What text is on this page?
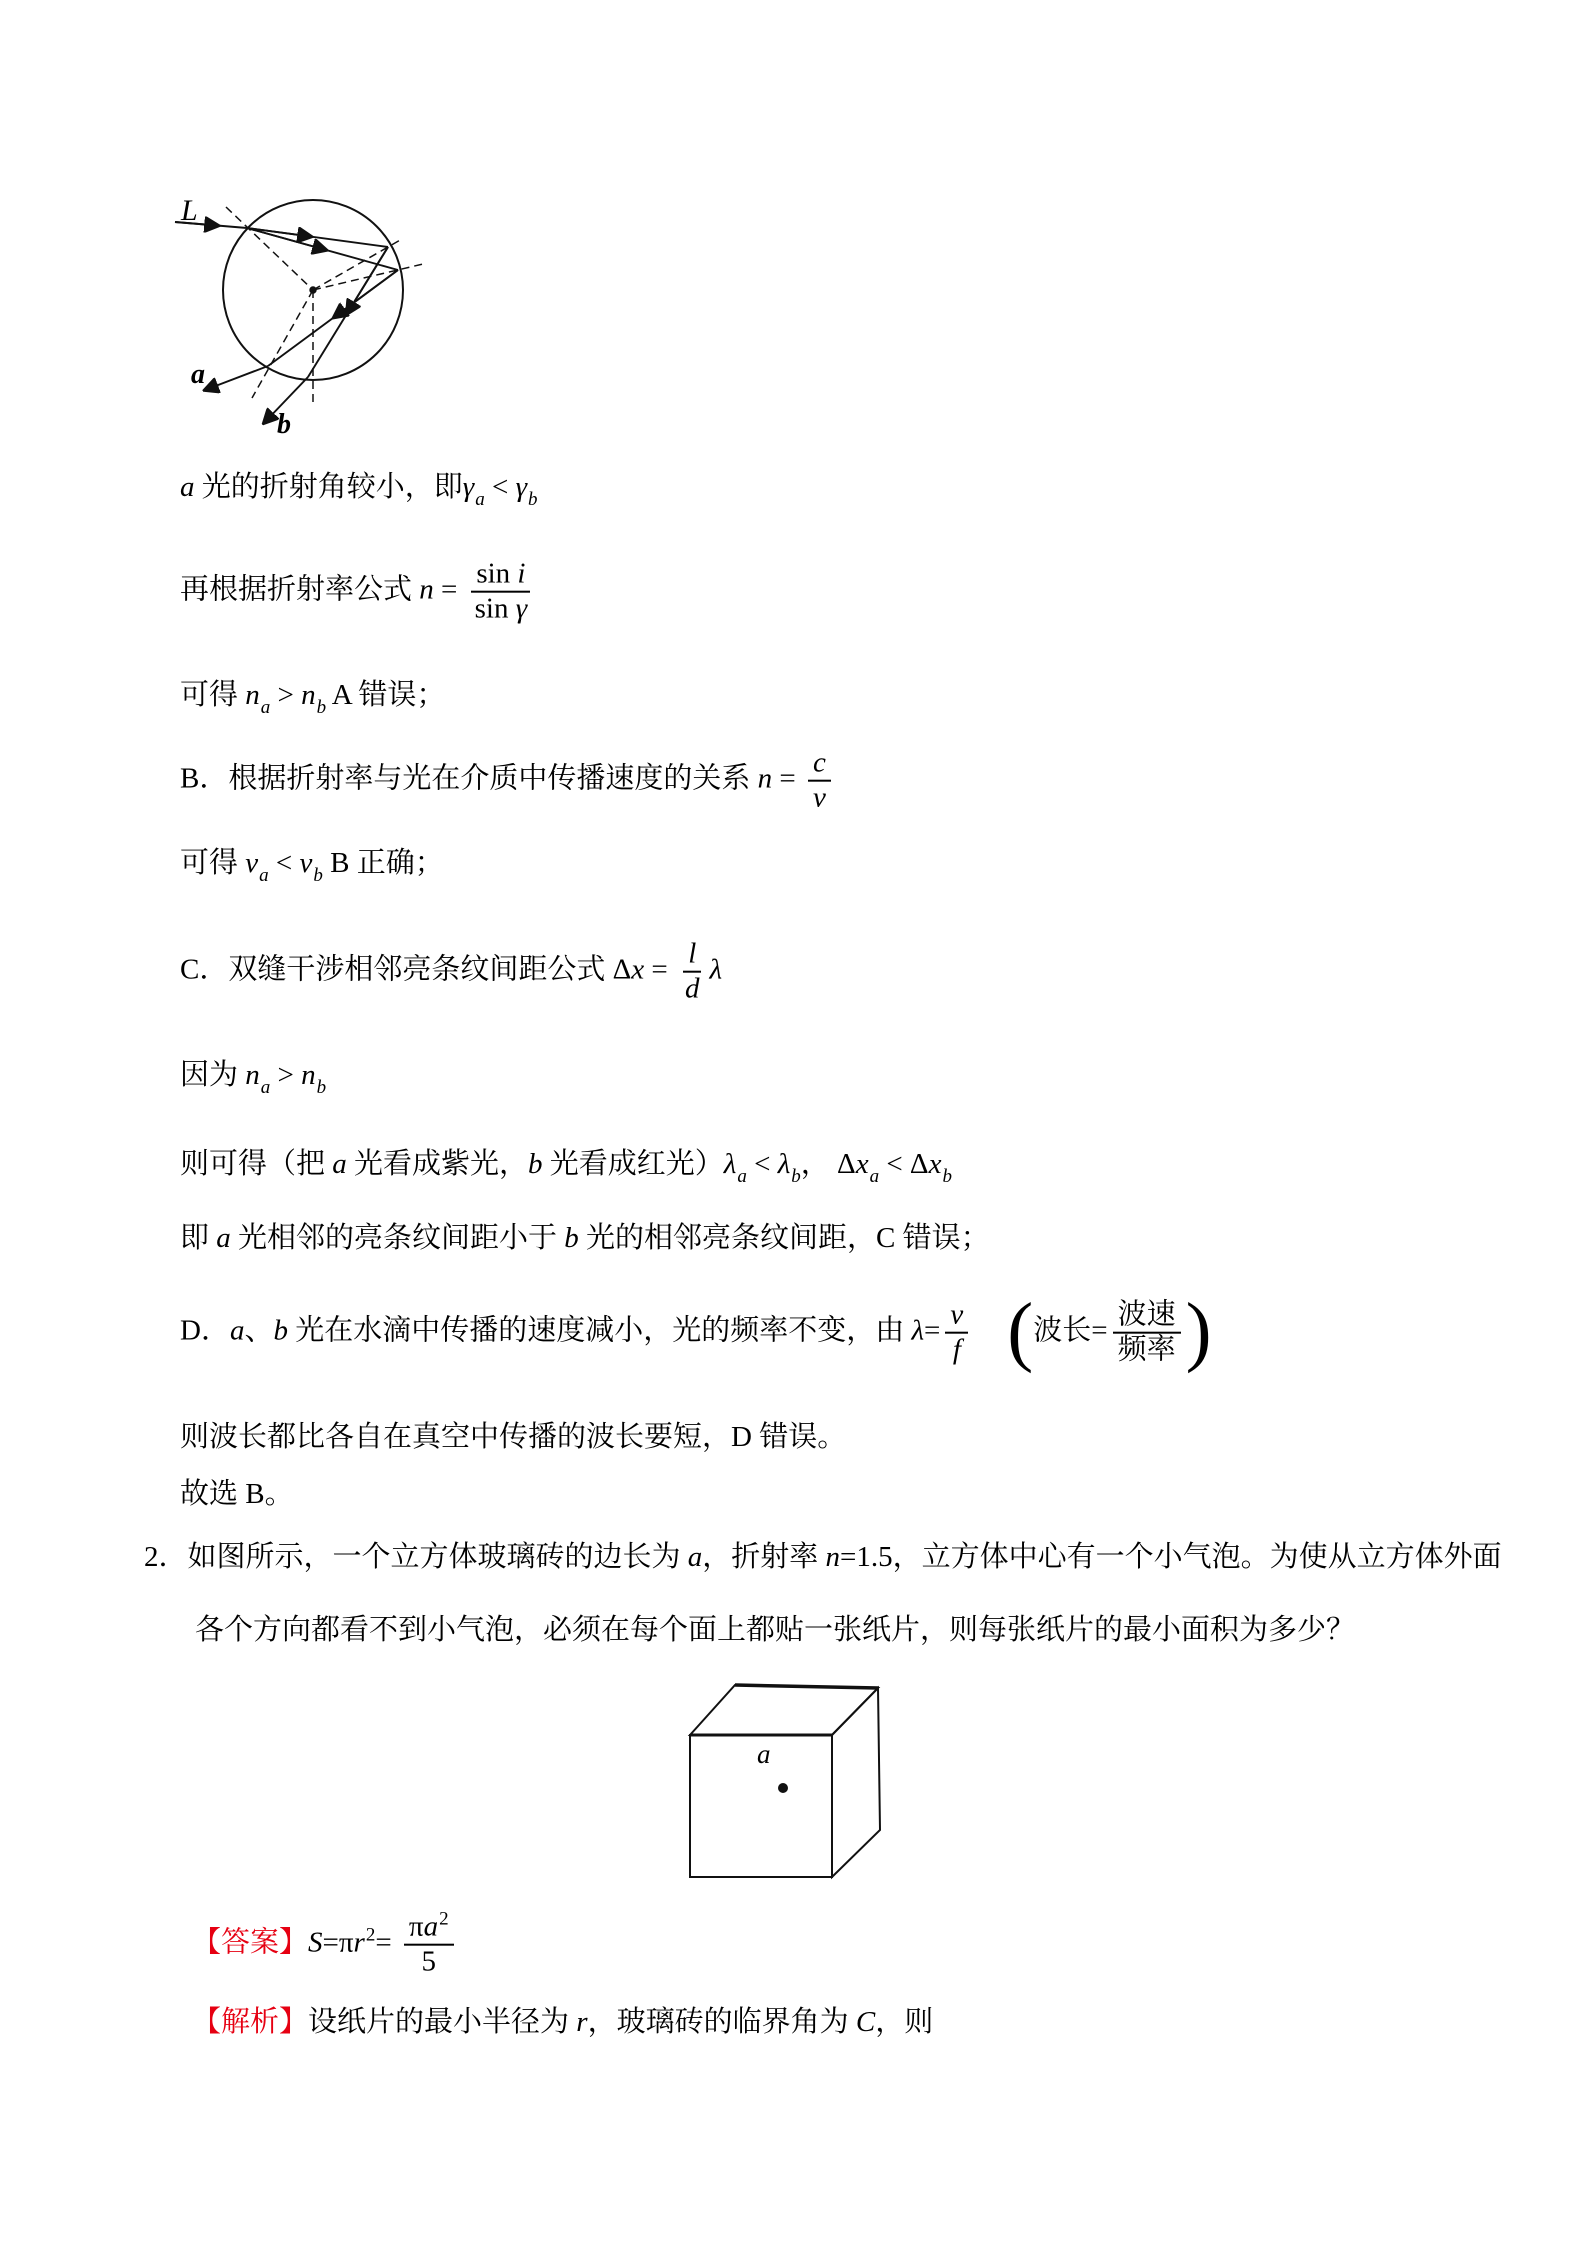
L
a
b
a 光的折射角较小，即$\gamma_a < \gamma_b$
再根据折射率公式 $n = \frac{\text{sin i}}{\text{sin γ}}$
可得 $n_a > n_b$ A 错误；
B．根据折射率与光在介质中传播速度的关系 $n = \frac{c}{v}$
可得 $v_a < v_b$ B 正确；
C．双缝干涉相邻亮条纹间距公式 $\Delta x = \frac{l}{d}$ λ
因为 $n_a > n_b$
则可得（把 a 光看成紫光，b 光看成红光）$\lambda_a < \lambda_b$， $\Delta x_a < \Delta x_b$
即 a 光相邻的亮条纹间距小于 b 光的相邻亮条纹间距，C 错误；
D．a、b 光在水滴中传播的速度减小，光的频率不变，由 $\lambda= \frac{v}{f}$ (波长= $\frac{\text{波速}}{\text{频率}}$ )
则波长都比各自在真空中传播的波长要短，D 错误。
故选 B。
2．如图所示，一个立方体玻璃砖的边长为 a，折射率 n=1.5，立方体中心有一个小气泡。为使从立方体外面
各个方向都看不到小气泡，必须在每个面上都贴一张纸片，则每张纸片的最小面积为多少？
a
【答案】$S=\pi r^2= \frac{\pi a^2}{5}$
【解析】设纸片的最小半径为 r，玻璃砖的临界角为 C，则
